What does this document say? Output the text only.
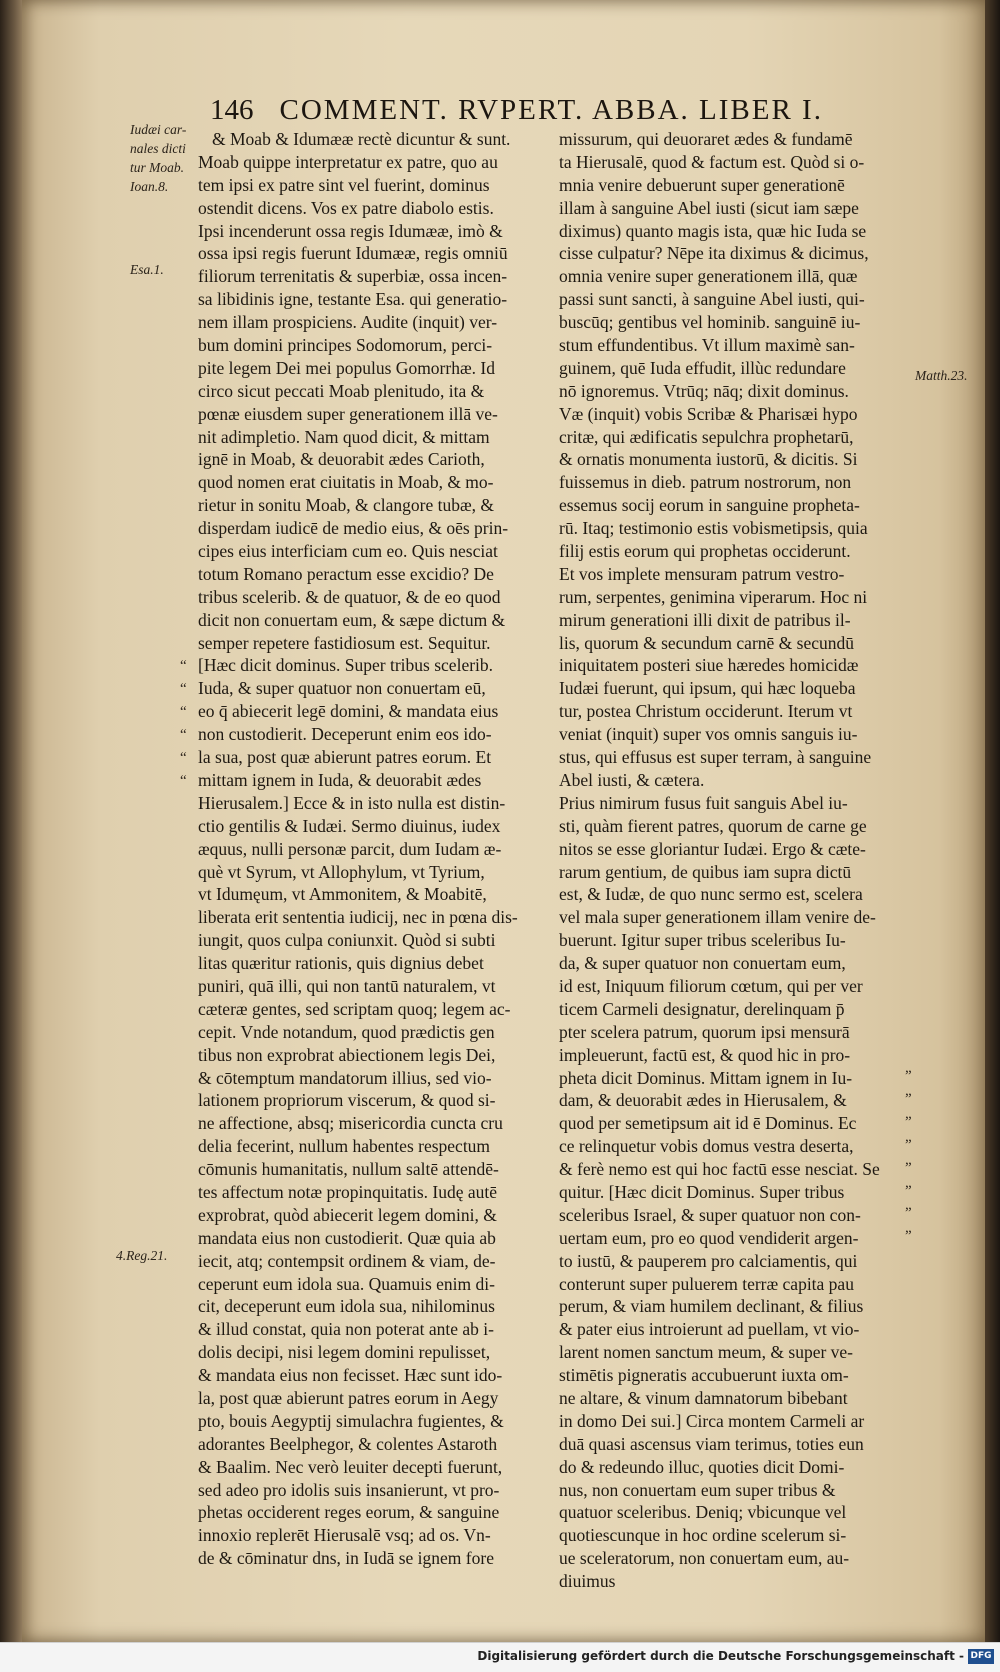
146 COMMENT. RVPERT. ABBA. LIBER I.
Iudæi car-
nales dicti
tur Moab.
Ioan.8.
Esa.1.
Matth.23.
4.Reg.21.
“
“
“
“
“
“
”
”
”
”
”
”
”
”
& Moab & Idumææ rectè dicuntur & sunt.
Moab quippe interpretatur ex patre, quo au
tem ipsi ex patre sint vel fuerint, dominus
ostendit dicens. Vos ex patre diabolo estis.
Ipsi incenderunt ossa regis Idumææ, imò &
ossa ipsi regis fuerunt Idumææ, regis omniū
filiorum terrenitatis & superbiæ, ossa incen-
sa libidinis igne, testante Esa. qui generatio-
nem illam prospiciens. Audite (inquit) ver-
bum domini principes Sodomorum, perci-
pite legem Dei mei populus Gomorrhæ. Id
circo sicut peccati Moab plenitudo, ita &
pœnæ eiusdem super generationem illā ve-
nit adimpletio. Nam quod dicit, & mittam
ignē in Moab, & deuorabit ædes Carioth,
quod nomen erat ciuitatis in Moab, & mo-
rietur in sonitu Moab, & clangore tubæ, &
disperdam iudicē de medio eius, & oēs prin-
cipes eius interficiam cum eo. Quis nesciat
totum Romano peractum esse excidio? De
tribus scelerib. & de quatuor, & de eo quod
dicit non conuertam eum, & sæpe dictum &
semper repetere fastidiosum est. Sequitur.
[Hæc dicit dominus. Super tribus scelerib.
Iuda, & super quatuor non conuertam eū,
eo q̄ abiecerit legē domini, & mandata eius
non custodierit. Deceperunt enim eos ido-
la sua, post quæ abierunt patres eorum. Et
mittam ignem in Iuda, & deuorabit ædes
Hierusalem.] Ecce & in isto nulla est distin-
ctio gentilis & Iudæi. Sermo diuinus, iudex
æquus, nulli personæ parcit, dum Iudam æ-
què vt Syrum, vt Allophylum, vt Tyrium,
vt Idumęum, vt Ammonitem, & Moabitē,
liberata erit sententia iudicij, nec in pœna dis-
iungit, quos culpa coniunxit. Quòd si subti
litas quæritur rationis, quis dignius debet
puniri, quā illi, qui non tantū naturalem, vt
cæteræ gentes, sed scriptam quoq; legem ac-
cepit. Vnde notandum, quod prædictis gen
tibus non exprobrat abiectionem legis Dei,
& cōtemptum mandatorum illius, sed vio-
lationem propriorum viscerum, & quod si-
ne affectione, absq; misericordia cuncta cru
delia fecerint, nullum habentes respectum
cōmunis humanitatis, nullum saltē attendē-
tes affectum notæ propinquitatis. Iudę autē
exprobrat, quòd abiecerit legem domini, &
mandata eius non custodierit. Quæ quia ab
iecit, atq; contempsit ordinem & viam, de-
ceperunt eum idola sua. Quamuis enim di-
cit, deceperunt eum idola sua, nihilominus
& illud constat, quia non poterat ante ab i-
dolis decipi, nisi legem domini repulisset,
& mandata eius non fecisset. Hæc sunt ido-
la, post quæ abierunt patres eorum in Aegy
pto, bouis Aegyptij simulachra fugientes, &
adorantes Beelphegor, & colentes Astaroth
& Baalim. Nec verò leuiter decepti fuerunt,
sed adeo pro idolis suis insanierunt, vt pro-
phetas occiderent reges eorum, & sanguine
innoxio replerēt Hierusalē vsq; ad os. Vn-
de & cōminatur dns, in Iudā se ignem fore
missurum, qui deuoraret ædes & fundamē
ta Hierusalē, quod & factum est. Quòd si o-
mnia venire debuerunt super generationē
illam à sanguine Abel iusti (sicut iam sæpe
diximus) quanto magis ista, quæ hic Iuda se
cisse culpatur? Nēpe ita diximus & dicimus,
omnia venire super generationem illā, quæ
passi sunt sancti, à sanguine Abel iusti, qui-
buscūq; gentibus vel hominib. sanguinē iu-
stum effundentibus. Vt illum maximè san-
guinem, quē Iuda effudit, illùc redundare
nō ignoremus. Vtrūq; nāq; dixit dominus.
Væ (inquit) vobis Scribæ & Pharisæi hypo
critæ, qui ædificatis sepulchra prophetarū,
& ornatis monumenta iustorū, & dicitis. Si
fuissemus in dieb. patrum nostrorum, non
essemus socij eorum in sanguine propheta-
rū. Itaq; testimonio estis vobismetipsis, quia
filij estis eorum qui prophetas occiderunt.
Et vos implete mensuram patrum vestro-
rum, serpentes, genimina viperarum. Hoc ni
mirum generationi illi dixit de patribus il-
lis, quorum & secundum carnē & secundū
iniquitatem posteri siue hæredes homicidæ
Iudæi fuerunt, qui ipsum, qui hæc loqueba
tur, postea Christum occiderunt. Iterum vt
veniat (inquit) super vos omnis sanguis iu-
stus, qui effusus est super terram, à sanguine
Abel iusti, & cætera.
Prius nimirum fusus fuit sanguis Abel iu-
sti, quàm fierent patres, quorum de carne ge
nitos se esse gloriantur Iudæi. Ergo & cæte-
rarum gentium, de quibus iam supra dictū
est, & Iudæ, de quo nunc sermo est, scelera
vel mala super generationem illam venire de-
buerunt. Igitur super tribus sceleribus Iu-
da, & super quatuor non conuertam eum,
id est, Iniquum filiorum cœtum, qui per ver
ticem Carmeli designatur, derelinquam p̄
pter scelera patrum, quorum ipsi mensurā
impleuerunt, factū est, & quod hic in pro-
pheta dicit Dominus. Mittam ignem in Iu-
dam, & deuorabit ædes in Hierusalem, &
quod per semetipsum ait id ē Dominus. Ec
ce relinquetur vobis domus vestra deserta,
& ferè nemo est qui hoc factū esse nesciat. Se
quitur. [Hæc dicit Dominus. Super tribus
sceleribus Israel, & super quatuor non con-
uertam eum, pro eo quod vendiderit argen-
to iustū, & pauperem pro calciamentis, qui
conterunt super puluerem terræ capita pau
perum, & viam humilem declinant, & filius
& pater eius introierunt ad puellam, vt vio-
larent nomen sanctum meum, & super ve-
stimētis pigneratis accubuerunt iuxta om-
ne altare, & vinum damnatorum bibebant
in domo Dei sui.] Circa montem Carmeli ar
duā quasi ascensus viam terimus, toties eun
do & redeundo illuc, quoties dicit Domi-
nus, non conuertam eum super tribus &
quatuor sceleribus. Deniq; vbicunque vel
quotiescunque in hoc ordine scelerum si-
ue sceleratorum, non conuertam eum, au-
diuimus
Digitalisierung gefördert durch die Deutsche Forschungsgemeinschaft - DFG
